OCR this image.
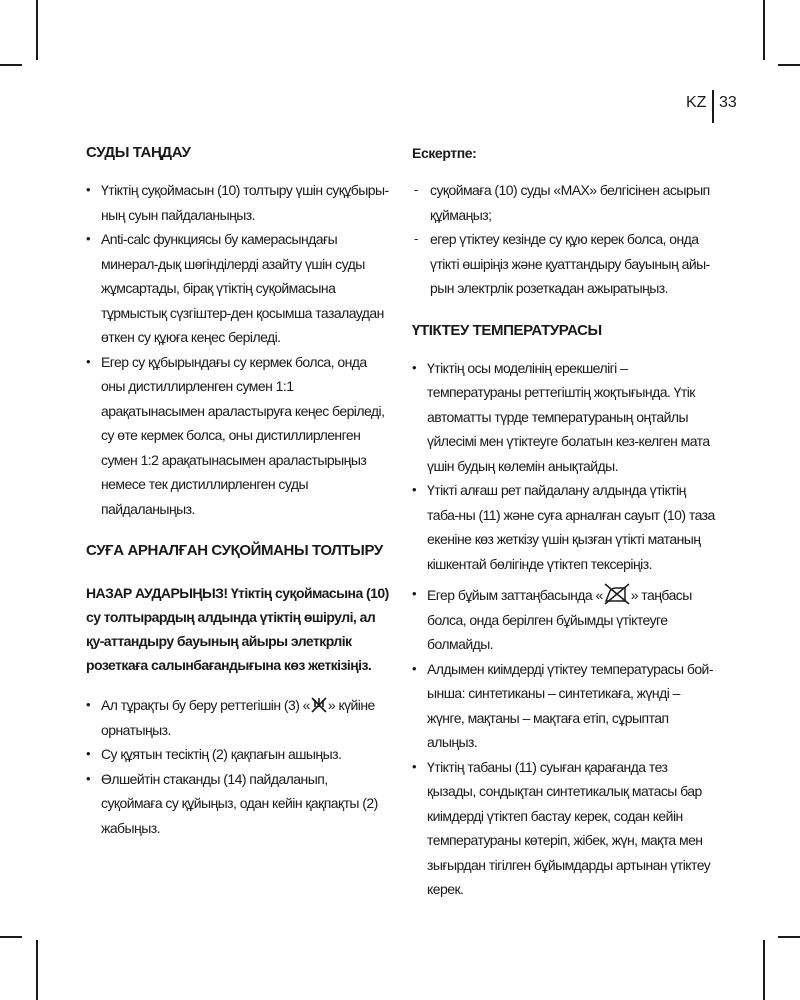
KZ 33
СУДЫ ТАҢДАУ
• Үтіктің суқоймасын (10) толтыру үшін суқұбыры-ның суын пайдаланыңыз.
• Anti-calc функциясы бу камерасындағы минерал-дық шөгінділерді азайту үшін суды жұмсартады, бірақ үтіктің суқоймасына тұрмыстық сүзгіштер-ден қосымша тазалаудан өткен су құюға кеңес беріледі.
• Егер су құбырындағы су кермек болса, онда оны дистиллирленген сумен 1:1 арақатынасымен араластыруға кеңес беріледі, су өте кермек болса, оны дистиллирленген сумен 1:2 арақатынасымен араластырыңыз немесе тек дистиллирленген суды пайдаланыңыз.
СУҒА АРНАЛҒАН СУҚОЙМАНЫ ТОЛТЫРУ

НАЗАР АУДАРЫҢЫЗ! Үтіктің суқоймасына (10) су толтырардың алдында үтіктің өшірулі, ал қу-аттандыру бауының айыры элеткрлік розеткаға салынбағандығына көз жеткізіңіз.

• Ал тұрақты бу беру реттегішін (3) « » күйіне орнатыңыз.
• Су құятын тесіктің (2) қақпағын ашыңыз.
• Өлшейтін стаканды (14) пайдаланып, суқоймаға су құйыңыз, одан кейін қақпақты (2) жабыңыз.

Ескертпе:

- суқоймаға (10) суды «MAX» белгісінен асырып құймаңыз;
- егер үтіктеу кезінде су құю керек болса, онда үтікті өшіріңіз және қуаттандыру бауының айы-рын электрлік розеткадан ажыратыңыз.
ҮТІКТЕУ ТЕМПЕРАТУРАСЫ
• Үтіктің осы моделінің ерекшелігі – температураны реттегіштің жоқтығында. Үтік автоматты түрде температураның оңтайлы үйлесімі мен үтіктеуге болатын кез-келген мата үшін будың көлемін анықтайды.
• Үтікті алғаш рет пайдалану алдында үтіктің таба-ны (11) және суға арналған сауыт (10) таза екеніне көз жеткізу үшін қызған үтікті матаның кішкентай бөлігінде үтіктеп тексеріңіз.
• Егер бұйым заттаңбасында « » таңбасы болса, онда берілген бұйымды үтіктеуге болмайды.
• Алдымен киімдерді үтіктеу температурасы бой-ынша: синтетиканы – синтетикаға, жүнді – жүнге, мақтаны – мақтаға етіп, сұрыптап алыңыз.
• Үтіктің табаны (11) суыған қарағанда тез қызады, сондықтан синтетикалық матасы бар киімдерді үтіктеп бастау керек, содан кейін температураны көтеріп, жібек, жүн, мақта мен зығырдан тігілген бұйымдарды артынан үтіктеу керек.
